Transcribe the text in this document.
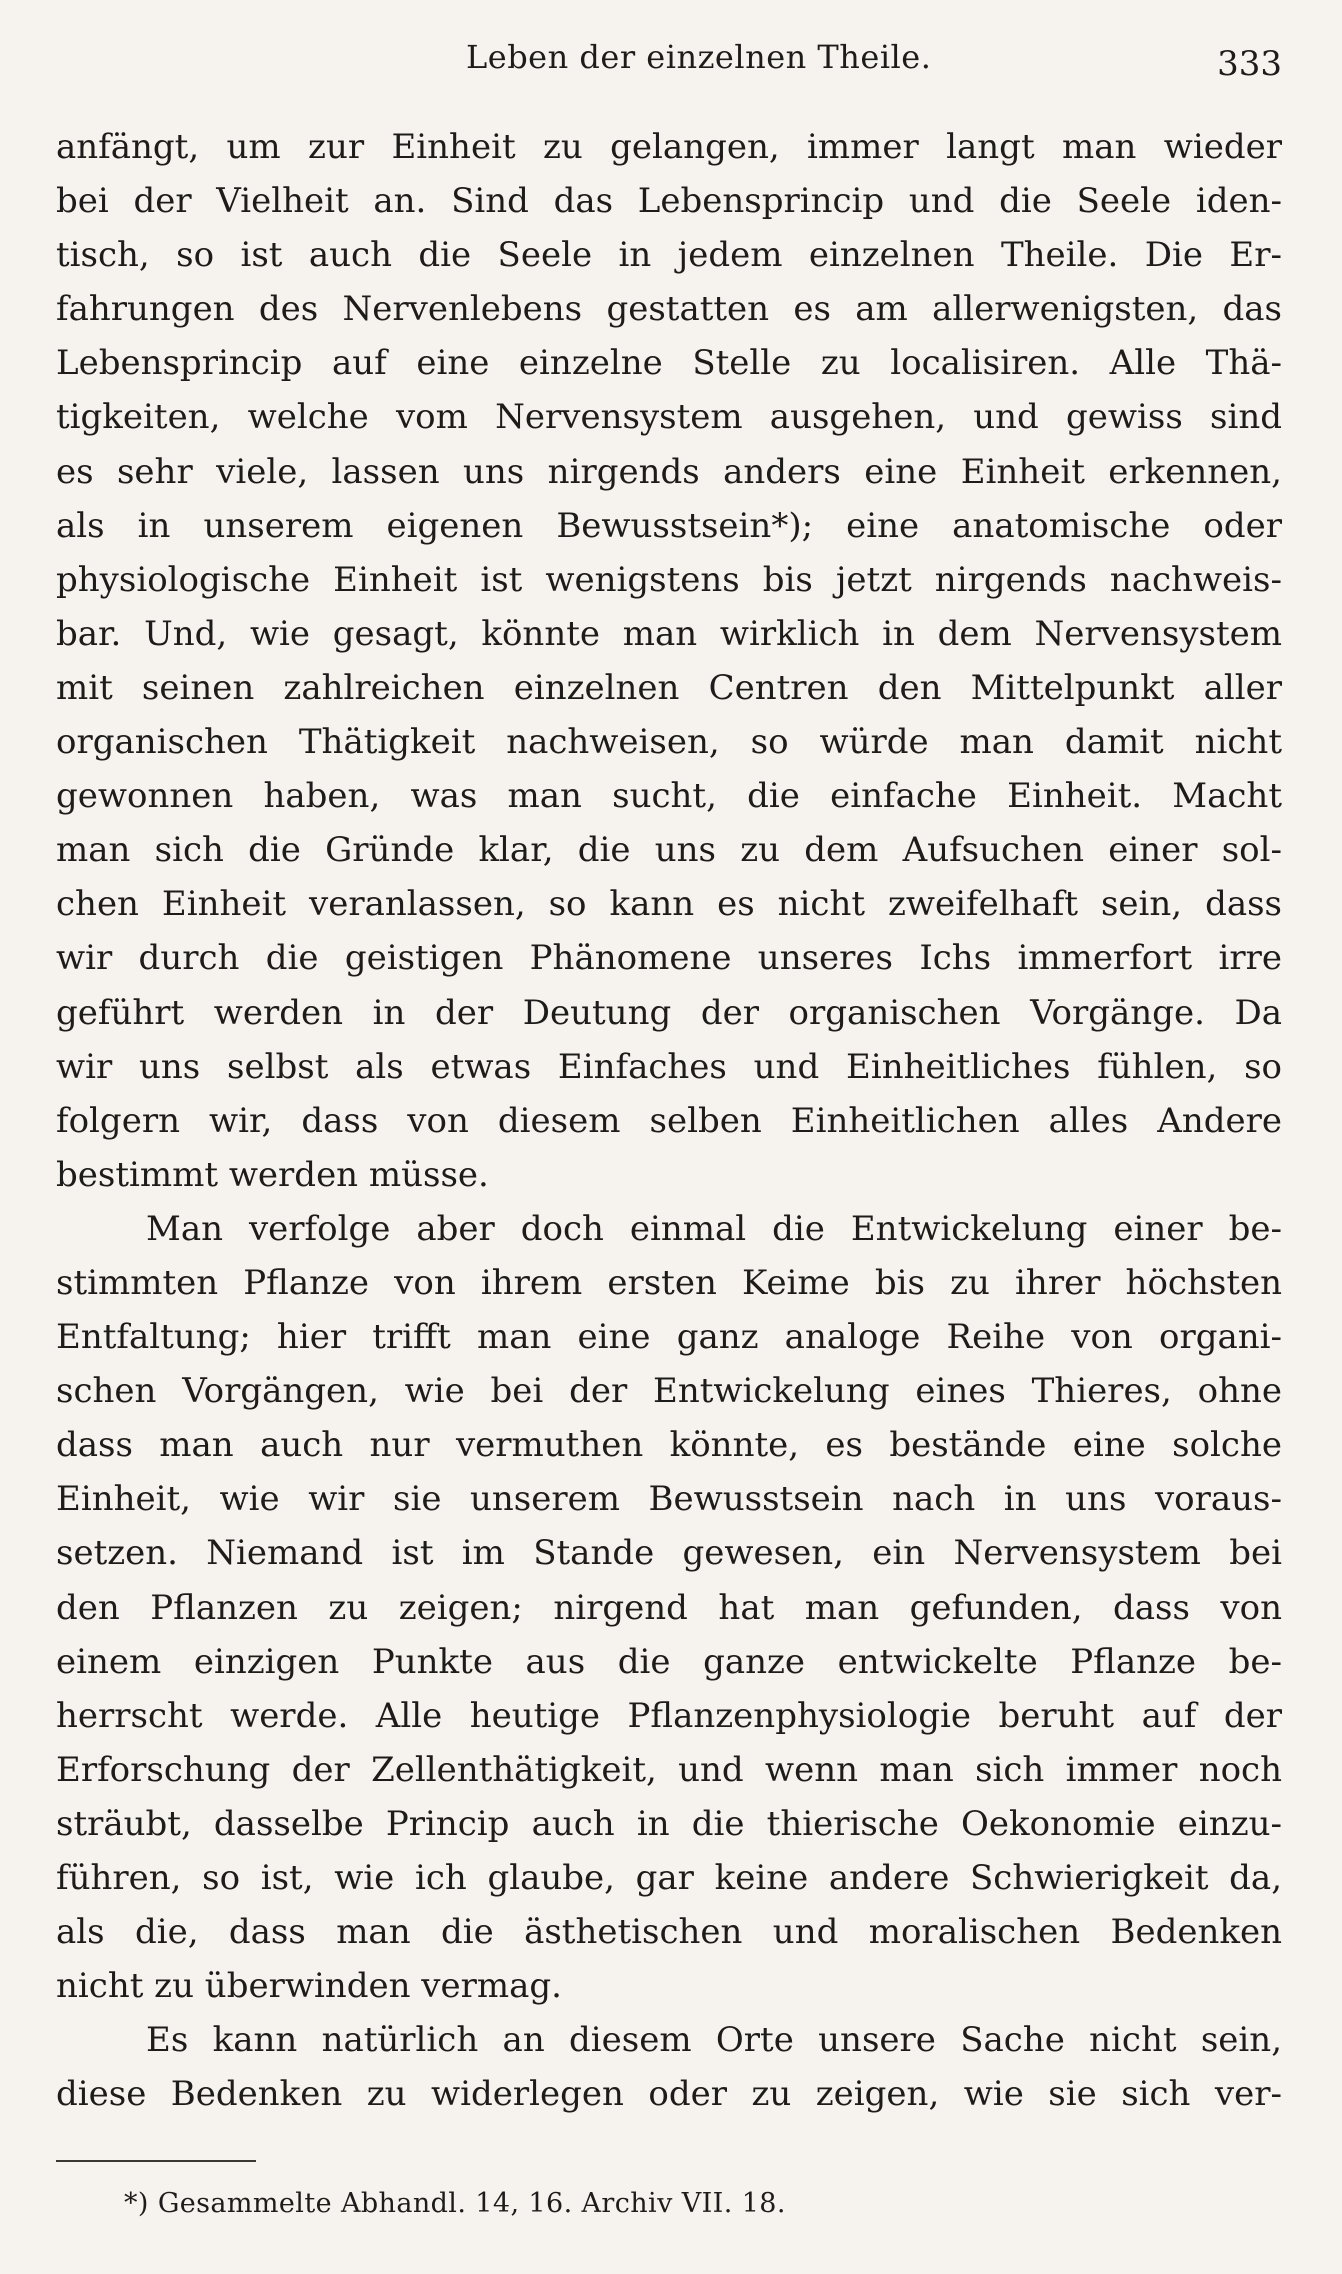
Leben der einzelnen Theile.	333
anfängt, um zur Einheit zu gelangen, immer langt man wieder
bei der Vielheit an. Sind das Lebensprincip und die Seele iden-
tisch, so ist auch die Seele in jedem einzelnen Theile. Die Er-
fahrungen des Nervenlebens gestatten es am allerwenigsten, das
Lebensprincip auf eine einzelne Stelle zu localisiren. Alle Thä-
tigkeiten, welche vom Nervensystem ausgehen, und gewiss sind
es sehr viele, lassen uns nirgends anders eine Einheit erkennen,
als in unserem eigenen Bewusstsein*); eine anatomische oder
physiologische Einheit ist wenigstens bis jetzt nirgends nachweis-
bar. Und, wie gesagt, könnte man wirklich in dem Nervensystem
mit seinen zahlreichen einzelnen Centren den Mittelpunkt aller
organischen Thätigkeit nachweisen, so würde man damit nicht
gewonnen haben, was man sucht, die einfache Einheit. Macht
man sich die Gründe klar, die uns zu dem Aufsuchen einer sol-
chen Einheit veranlassen, so kann es nicht zweifelhaft sein, dass
wir durch die geistigen Phänomene unseres Ichs immerfort irre
geführt werden in der Deutung der organischen Vorgänge. Da
wir uns selbst als etwas Einfaches und Einheitliches fühlen, so
folgern wir, dass von diesem selben Einheitlichen alles Andere
bestimmt werden müsse.
Man verfolge aber doch einmal die Entwickelung einer be-
stimmten Pflanze von ihrem ersten Keime bis zu ihrer höchsten
Entfaltung; hier trifft man eine ganz analoge Reihe von organi-
schen Vorgängen, wie bei der Entwickelung eines Thieres, ohne
dass man auch nur vermuthen könnte, es bestände eine solche
Einheit, wie wir sie unserem Bewusstsein nach in uns voraus-
setzen. Niemand ist im Stande gewesen, ein Nervensystem bei
den Pflanzen zu zeigen; nirgend hat man gefunden, dass von
einem einzigen Punkte aus die ganze entwickelte Pflanze be-
herrscht werde. Alle heutige Pflanzenphysiologie beruht auf der
Erforschung der Zellenthätigkeit, und wenn man sich immer noch
sträubt, dasselbe Princip auch in die thierische Oekonomie einzu-
führen, so ist, wie ich glaube, gar keine andere Schwierigkeit da,
als die, dass man die ästhetischen und moralischen Bedenken
nicht zu überwinden vermag.
Es kann natürlich an diesem Orte unsere Sache nicht sein,
diese Bedenken zu widerlegen oder zu zeigen, wie sie sich ver-
*) Gesammelte Abhandl. 14, 16. Archiv VII. 18.
